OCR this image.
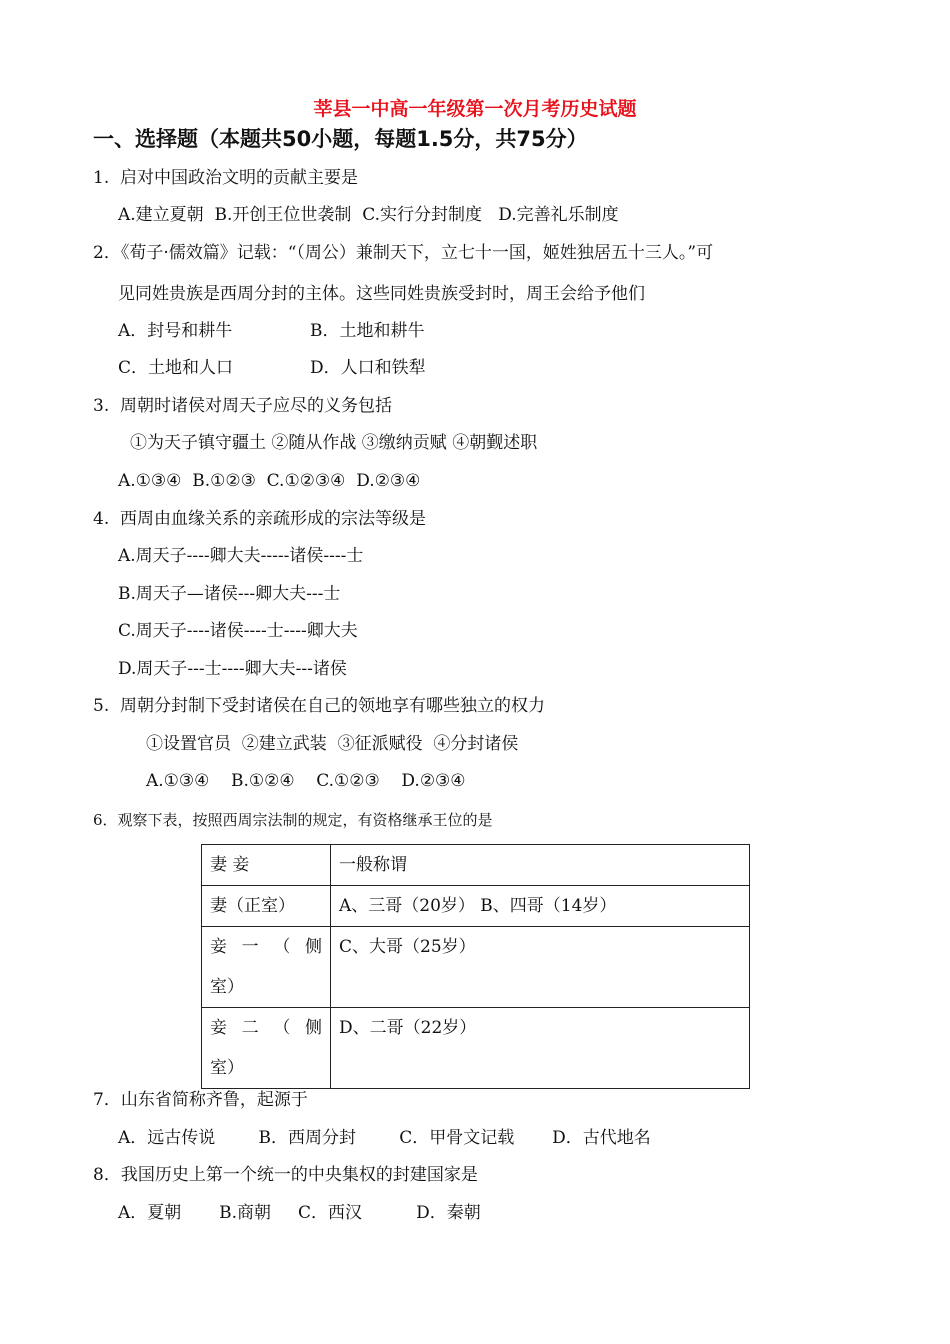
莘县一中高一年级第一次月考历史试题
一、选择题（本题共50小题，每题1.5分，共75分）
1.  启对中国政治文明的贡献主要是
A.建立夏朝  B.开创王位世袭制  C.实行分封制度   D.完善礼乐制度
2．《荀子·儒效篇》记载：“（周公）兼制天下，立七十一国，姬姓独居五十三人。”可
见同姓贵族是西周分封的主体。这些同姓贵族受封时，周王会给予他们
A．封号和耕牛	B．土地和耕牛
C．土地和人口	D．人口和铁犁
3.  周朝时诸侯对周天子应尽的义务包括
①为天子镇守疆土 ②随从作战 ③缴纳贡赋 ④朝觐述职
A.①③④  B.①②③  C.①②③④  D.②③④
4.  西周由血缘关系的亲疏形成的宗法等级是
A.周天子----卿大夫-----诸侯----士
B.周天子—诸侯---卿大夫---士
C.周天子----诸侯----士----卿大夫
D.周天子---士----卿大夫---诸侯
5.  周朝分封制下受封诸侯在自己的领地享有哪些独立的权力
①设置官员  ②建立武装  ③征派赋役  ④分封诸侯
A.①③④    B.①②④    C.①②③    D.②③④
6．观察下表，按照西周宗法制的规定，有资格继承王位的是
妻 妾	一般称谓
妻（正室）	A、三哥（20岁） B、四哥（14岁）

妾一（侧
室）	C、大哥（25岁）

妾二（侧
室）	D、二哥（22岁）
7．山东省简称齐鲁，起源于
A．远古传说        B．西周分封        C．甲骨文记载       D．古代地名
8．我国历史上第一个统一的中央集权的封建国家是
A．夏朝       B.商朝     C．西汉          D．秦朝
